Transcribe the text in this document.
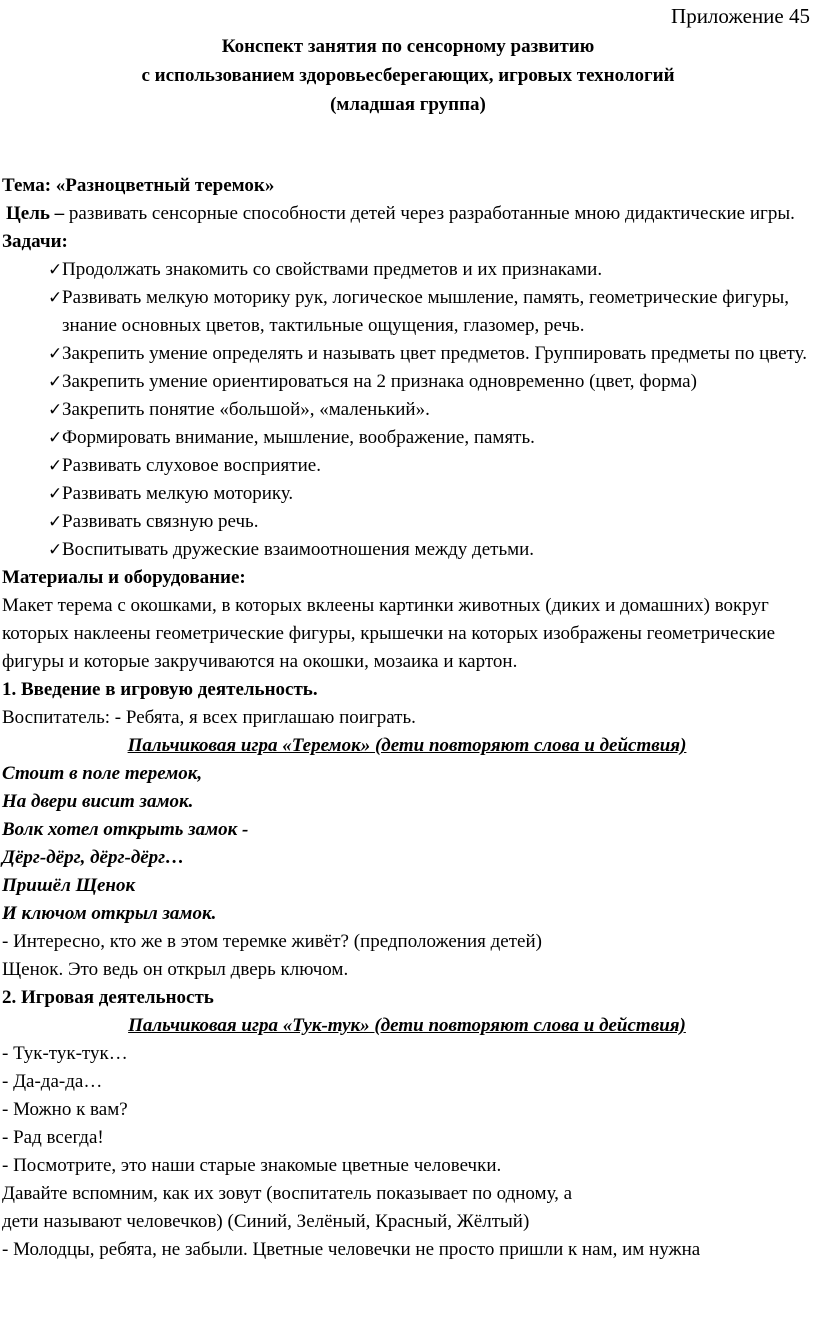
Приложение 45

Конспект занятия по сенсорному развитию

с использованием здоровьесберегающих, игровых технологий

(младшая группа)

Тема: «Разноцветный теремок»

Цель – развивать сенсорные способности детей через разработанные мною дидактические игры.

Задачи:

✓ Продолжать знакомить со свойствами предметов и их признаками.
✓ Развивать мелкую моторику рук, логическое мышление, память, геометрические фигуры, знание основных цветов, тактильные ощущения, глазомер, речь.
✓ Закрепить умение определять и называть цвет предметов. Группировать предметы по цвету.
✓ Закрепить умение ориентироваться на 2 признака одновременно (цвет, форма)
✓ Закрепить понятие «большой», «маленький».
✓ Формировать внимание, мышление, воображение, память.
✓ Развивать слуховое восприятие.
✓ Развивать мелкую моторику.
✓ Развивать связную речь.
✓ Воспитывать дружеские взаимоотношения между детьми.

Материалы и оборудование:

Макет терема с окошками, в которых вклеены картинки животных (диких и домашних) вокруг которых наклеены геометрические фигуры, крышечки на которых изображены геометрические фигуры и которые закручиваются на окошки, мозаика и картон.

1. Введение в игровую деятельность.

Воспитатель: - Ребята, я всех приглашаю поиграть.

Пальчиковая игра «Теремок» (дети повторяют слова и действия)

Стоит в поле теремок,

На двери висит замок.

Волк хотел открыть замок -

Дёрг-дёрг, дёрг-дёрг…

Пришёл Щенок

И ключом открыл замок.

- Интересно, кто же в этом теремке живёт? (предположения детей)

Щенок. Это ведь он открыл дверь ключом.

2. Игровая деятельность

Пальчиковая игра «Тук-тук» (дети повторяют слова и действия)

- Тук-тук-тук…

- Да-да-да…

- Можно к вам?

- Рад всегда!

- Посмотрите, это наши старые знакомые цветные человечки.

Давайте вспомним, как их зовут (воспитатель показывает по одному, а

дети называют человечков) (Синий, Зелёный, Красный, Жёлтый)

- Молодцы, ребята, не забыли. Цветные человечки не просто пришли к нам, им нужна
